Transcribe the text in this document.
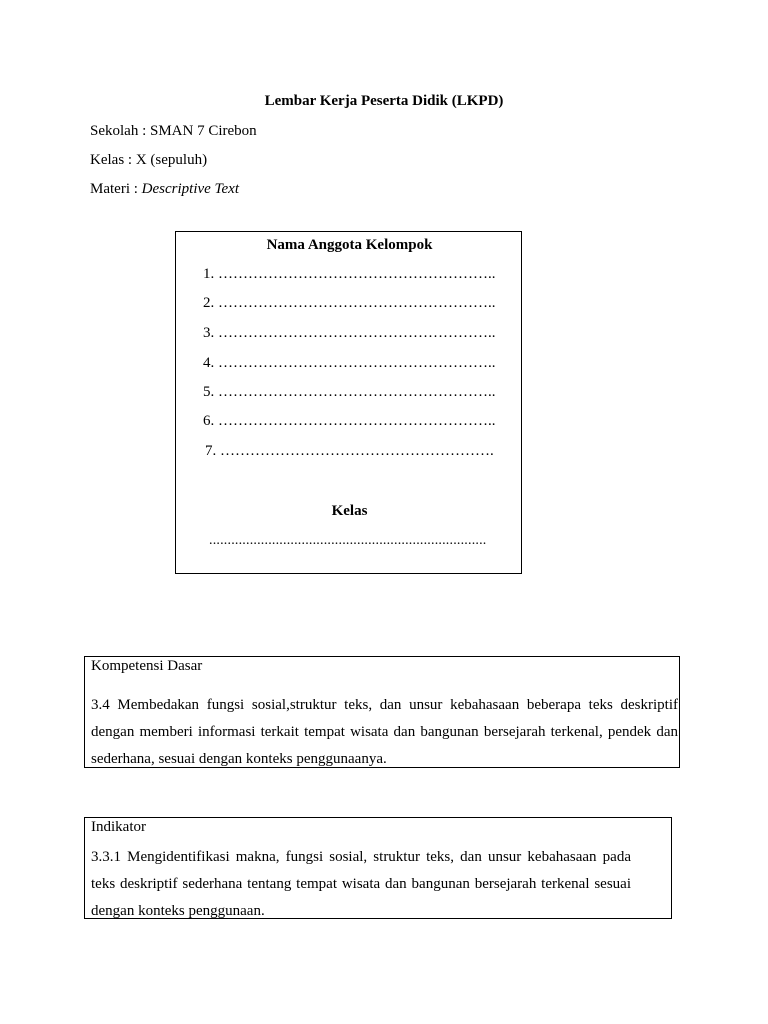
Lembar Kerja Peserta Didik (LKPD)
Sekolah : SMAN 7 Cirebon
Kelas : X (sepuluh)
Materi : Descriptive Text
Nama Anggota Kelompok
1. ………………………………………………..
2. ………………………………………………..
3. ………………………………………………..
4. ………………………………………………..
5. ………………………………………………..
6. ………………………………………………..
7. ……………………………………………….
Kelas
...........................................................................
Kompetensi Dasar
3.4 Membedakan fungsi sosial,struktur teks, dan unsur kebahasaan beberapa teks deskriptif dengan memberi informasi terkait tempat wisata dan bangunan bersejarah terkenal, pendek dan sederhana, sesuai dengan konteks penggunaanya.
Indikator
3.3.1 Mengidentifikasi makna, fungsi sosial, struktur teks, dan unsur kebahasaan pada teks deskriptif sederhana tentang tempat wisata dan bangunan bersejarah terkenal sesuai dengan konteks penggunaan.
